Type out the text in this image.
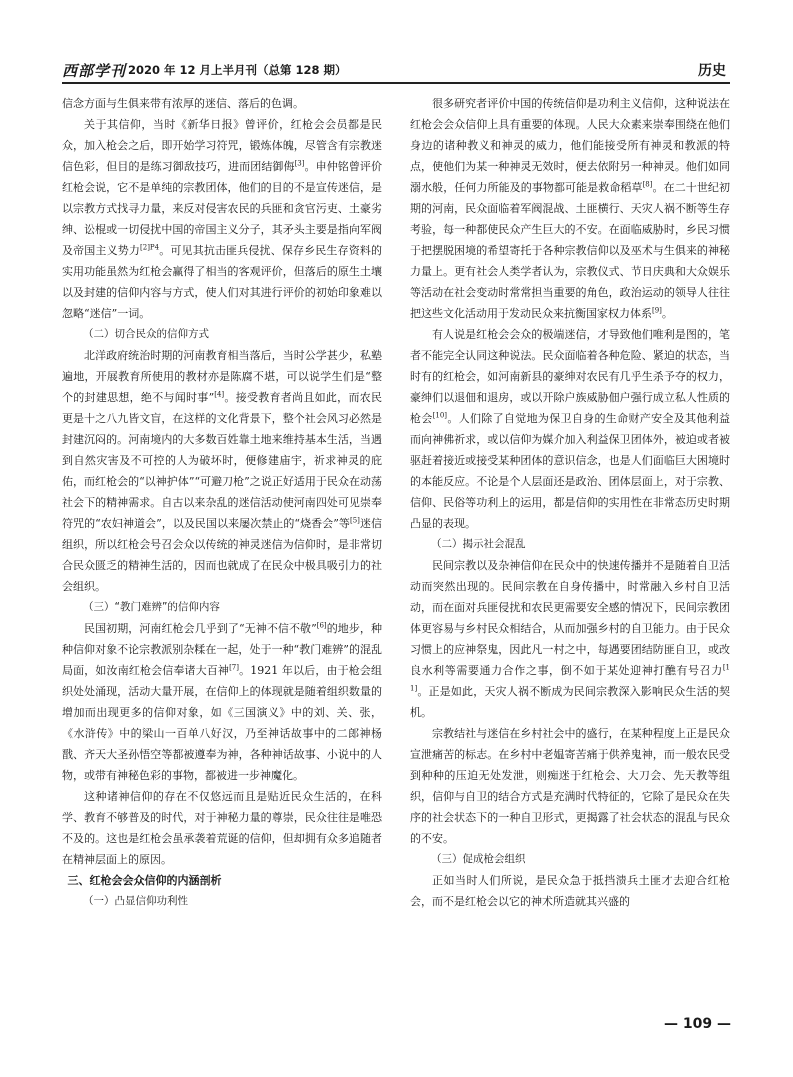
西部学刊 2020 年 12 月上半月刊（总第 128 期）	历史

信念方面与生俱来带有浓厚的迷信、落后的色调。

关于其信仰，当时《新华日报》曾评价，红枪会会员都是民众，加入枪会之后，即开始学习符咒，锻炼体魄，尽管含有宗教迷信色彩，但目的是练习御敌技巧，进而团结御侮[3]。申仲铭曾评价红枪会说，它不是单纯的宗教团体，他们的目的不是宣传迷信，是以宗教方式找寻力量，来反对侵害农民的兵匪和贪官污吏、土豪劣绅、讼棍或一切侵扰中国的帝国主义分子，其矛头主要是指向军阀及帝国主义势力$^{[2]P4}$。可见其抗击匪兵侵扰、保存乡民生存资料的实用功能虽然为红枪会赢得了相当的客观评价，但落后的原生土壤以及封建的信仰内容与方式，使人们对其进行评价的初始印象难以忽略“迷信”一词。

（二）切合民众的信仰方式

北洋政府统治时期的河南教育相当落后，当时公学甚少，私塾遍地，开展教育所使用的教材亦是陈腐不堪，可以说学生们是“整个的封建思想，绝不与闻时事”[4]。接受教育者尚且如此，而农民更是十之八九皆文盲，在这样的文化背景下，整个社会风习必然是封建沉闷的。河南境内的大多数百姓靠土地来维持基本生活，当遇到自然灾害及不可控的人为破坏时，便修建庙宇，祈求神灵的庇佑，而红枪会的“以神护体”“可避刀枪”之说正好适用于民众在动荡社会下的精神需求。自古以来杂乱的迷信活动使河南四处可见崇奉符咒的“农妇神道会”，以及民国以来屡次禁止的“烧香会”等[5]迷信组织，所以红枪会号召会众以传统的神灵迷信为信仰时，是非常切合民众匮乏的精神生活的，因而也就成了在民众中极具吸引力的社会组织。

（三）“教门难辨”的信仰内容

民国初期，河南红枪会几乎到了“无神不信不敬”[6]的地步，种种信仰对象不论宗教派别杂糅在一起，处于一种“教门难辨”的混乱局面，如汝南红枪会信奉诸大百神[7]。1921 年以后，由于枪会组织处处涌现，活动大量开展，在信仰上的体现就是随着组织数量的增加而出现更多的信仰对象，如《三国演义》中的刘、关、张，《水浒传》中的梁山一百单八好汉，乃至神话故事中的二郎神杨戬、齐天大圣孙悟空等都被遵奉为神，各种神话故事、小说中的人物，或带有神秘色彩的事物，都被进一步神魔化。

这种诸神信仰的存在不仅悠远而且是贴近民众生活的，在科学、教育不够普及的时代，对于神秘力量的尊崇，民众往往是唯恐不及的。这也是红枪会虽承袭着荒诞的信仰，但却拥有众多追随者在精神层面上的原因。

三、红枪会会众信仰的内涵剖析

（一）凸显信仰功利性

很多研究者评价中国的传统信仰是功利主义信仰，这种说法在红枪会会众信仰上具有重要的体现。人民大众素来崇奉围绕在他们身边的诸种教义和神灵的威力，他们能接受所有神灵和教派的特点，使他们为某一种神灵无效时，便去依附另一种神灵。他们如同溺水般，任何力所能及的事物都可能是救命稻草[8]。在二十世纪初期的河南，民众面临着军阀混战、土匪横行、天灾人祸不断等生存考验，每一种都使民众产生巨大的不安。在面临威胁时，乡民习惯于把摆脱困境的希望寄托于各种宗教信仰以及巫术与生俱来的神秘力量上。更有社会人类学者认为，宗教仪式、节日庆典和大众娱乐等活动在社会变动时常常担当重要的角色，政治运动的领导人往往把这些文化活动用于发动民众来抗衡国家权力体系[9]。

有人说是红枪会会众的极端迷信，才导致他们唯利是图的，笔者不能完全认同这种说法。民众面临着各种危险、紧迫的状态，当时有的红枪会，如河南新县的豪绅对农民有几乎生杀予夺的权力，豪绅们以退佃和退房，或以开除户族威胁佃户强行成立私人性质的枪会[10]。人们除了自觉地为保卫自身的生命财产安全及其他利益而向神佛祈求，或以信仰为媒介加入利益保卫团体外，被迫或者被驱赶着接近或接受某种团体的意识信念，也是人们面临巨大困境时的本能反应。不论是个人层面还是政治、团体层面上，对于宗教、信仰、民俗等功利上的运用，都是信仰的实用性在非常态历史时期凸显的表现。

（二）揭示社会混乱

民间宗教以及杂神信仰在民众中的快速传播并不是随着自卫活动而突然出现的。民间宗教在自身传播中，时常融入乡村自卫活动，而在面对兵匪侵扰和农民更需要安全感的情况下，民间宗教团体更容易与乡村民众相结合，从而加强乡村的自卫能力。由于民众习惯上的应神祭鬼，因此凡一村之中，每遇要团结防匪自卫，或改良水利等需要通力合作之事，倒不如于某处迎神打醮有号召力[11]。正是如此，天灾人祸不断成为民间宗教深入影响民众生活的契机。

宗教结社与迷信在乡村社会中的盛行，在某种程度上正是民众宣泄痛苦的标志。在乡村中老媪寄苦痛于供养鬼神，而一般农民受到种种的压迫无处发泄，则痴迷于红枪会、大刀会、先天教等组织，信仰与自卫的结合方式是充满时代特征的，它除了是民众在失序的社会状态下的一种自卫形式，更揭露了社会状态的混乱与民众的不安。

（三）促成枪会组织

正如当时人们所说，是民众急于抵挡溃兵土匪才去迎合红枪会，而不是红枪会以它的神术所造就其兴盛的

— 109 —
